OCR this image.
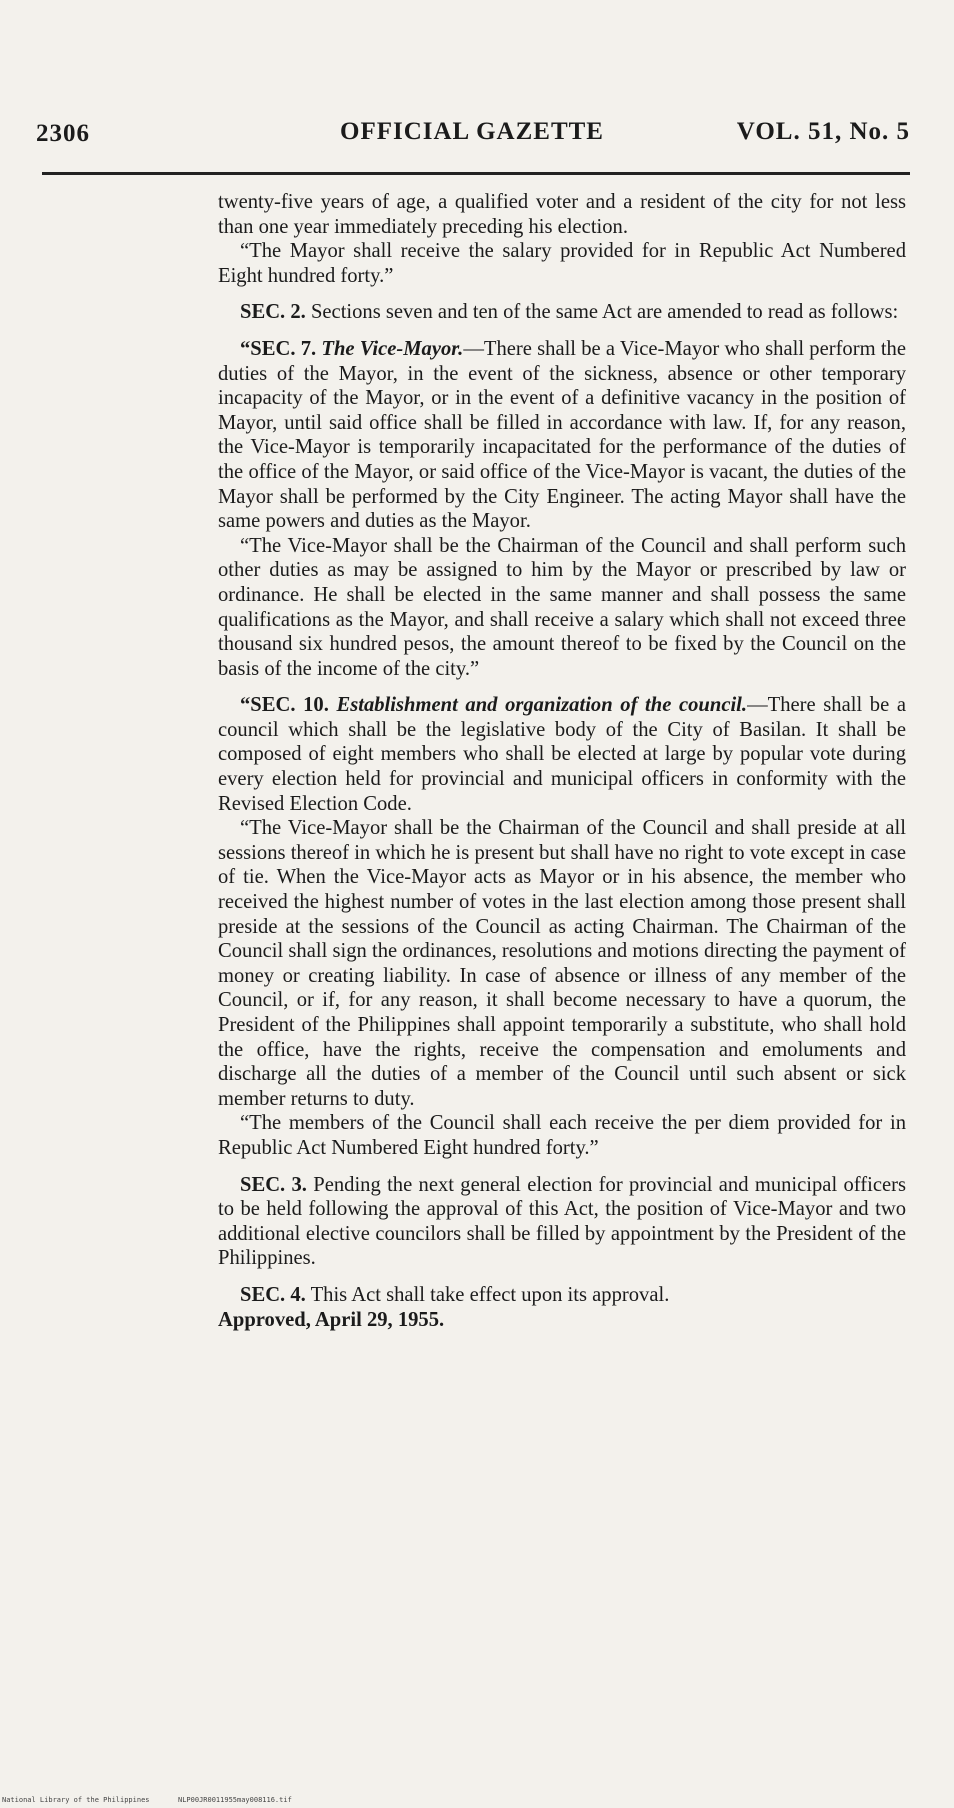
2306	OFFICIAL GAZETTE	VOL. 51, No. 5

twenty-five years of age, a qualified voter and a resident of the city for not less than one year immediately preceding his election.

“The Mayor shall receive the salary provided for in Republic Act Numbered Eight hundred forty.”

SEC. 2. Sections seven and ten of the same Act are amended to read as follows:

“SEC. 7. The Vice-Mayor.—There shall be a Vice-Mayor who shall perform the duties of the Mayor, in the event of the sickness, absence or other temporary incapacity of the Mayor, or in the event of a definitive vacancy in the position of Mayor, until said office shall be filled in accordance with law. If, for any reason, the Vice-Mayor is temporarily incapacitated for the performance of the duties of the office of the Mayor, or said office of the Vice-Mayor is vacant, the duties of the Mayor shall be performed by the City Engineer. The acting Mayor shall have the same powers and duties as the Mayor.

“The Vice-Mayor shall be the Chairman of the Council and shall perform such other duties as may be assigned to him by the Mayor or prescribed by law or ordinance. He shall be elected in the same manner and shall possess the same qualifications as the Mayor, and shall receive a salary which shall not exceed three thousand six hundred pesos, the amount thereof to be fixed by the Council on the basis of the income of the city.”

“SEC. 10. Establishment and organization of the council.—There shall be a council which shall be the legislative body of the City of Basilan. It shall be composed of eight members who shall be elected at large by popular vote during every election held for provincial and municipal officers in conformity with the Revised Election Code.

“The Vice-Mayor shall be the Chairman of the Council and shall preside at all sessions thereof in which he is present but shall have no right to vote except in case of tie. When the Vice-Mayor acts as Mayor or in his absence, the member who received the highest number of votes in the last election among those present shall preside at the sessions of the Council as acting Chairman. The Chairman of the Council shall sign the ordinances, resolutions and motions directing the payment of money or creating liability. In case of absence or illness of any member of the Council, or if, for any reason, it shall become necessary to have a quorum, the President of the Philippines shall appoint temporarily a substitute, who shall hold the office, have the rights, receive the compensation and emoluments and discharge all the duties of a member of the Council until such absent or sick member returns to duty.

“The members of the Council shall each receive the per diem provided for in Republic Act Numbered Eight hundred forty.”

SEC. 3. Pending the next general election for provincial and municipal officers to be held following the approval of this Act, the position of Vice-Mayor and two additional elective councilors shall be filled by appointment by the President of the Philippines.

SEC. 4. This Act shall take effect upon its approval.

Approved, April 29, 1955.

National Library of the Philippines	NLP00JR0011955may008116.tif
